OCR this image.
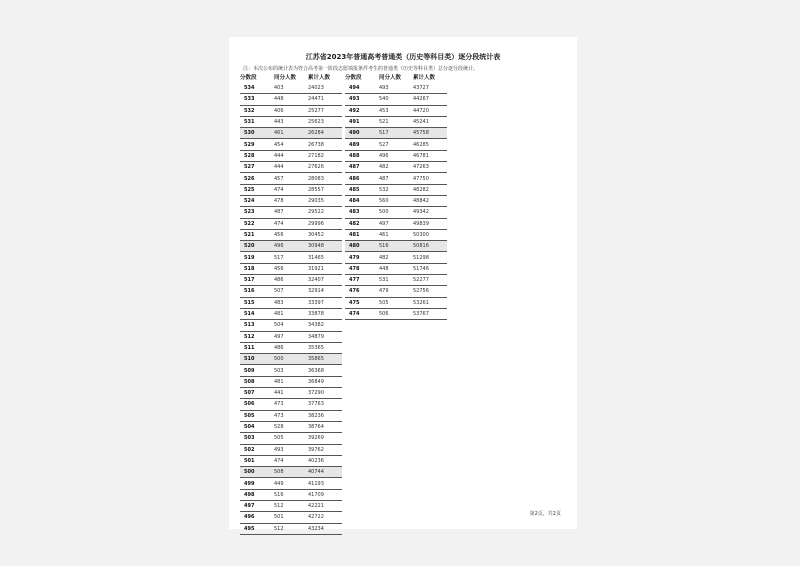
江苏省2023年普通高考普通类（历史等科目类）逐分段统计表
注：本次公布的统计表为符合高考第一阶段志愿填报条件考生的普通类（历史等科目类）总分逐分段统计。
分数段	同分人数	累计人数
534	403	24023
533	448	24471
532	406	25277
531	443	25623
530	461	26284
529	454	26738
528	444	27182
527	444	27626
526	457	28083
525	474	28557
524	478	29035
523	487	29522
522	474	29996
521	456	30452
520	496	30948
519	517	31465
518	456	31921
517	486	32407
516	507	32914
515	483	33397
514	481	33878
513	504	34382
512	497	34879
511	486	35365
510	500	35865
509	503	36368
508	481	36849
507	441	37290
506	473	37763
505	473	38236
504	528	38764
503	505	39269
502	493	39762
501	474	40236
500	508	40744
499	449	41193
498	516	41709
497	512	42221
496	501	42722
495	512	43234
分数段	同分人数	累计人数
494	493	43727
493	540	44267
492	453	44720
491	521	45241
490	517	45758
489	527	46285
488	496	46781
487	482	47263
486	487	47750
485	532	48282
484	560	48842
483	500	49342
482	497	49839
481	461	50300
480	516	50816
479	482	51298
478	448	51746
477	531	52277
476	479	52756
475	505	53261
474	506	53767
第2页，共2页
